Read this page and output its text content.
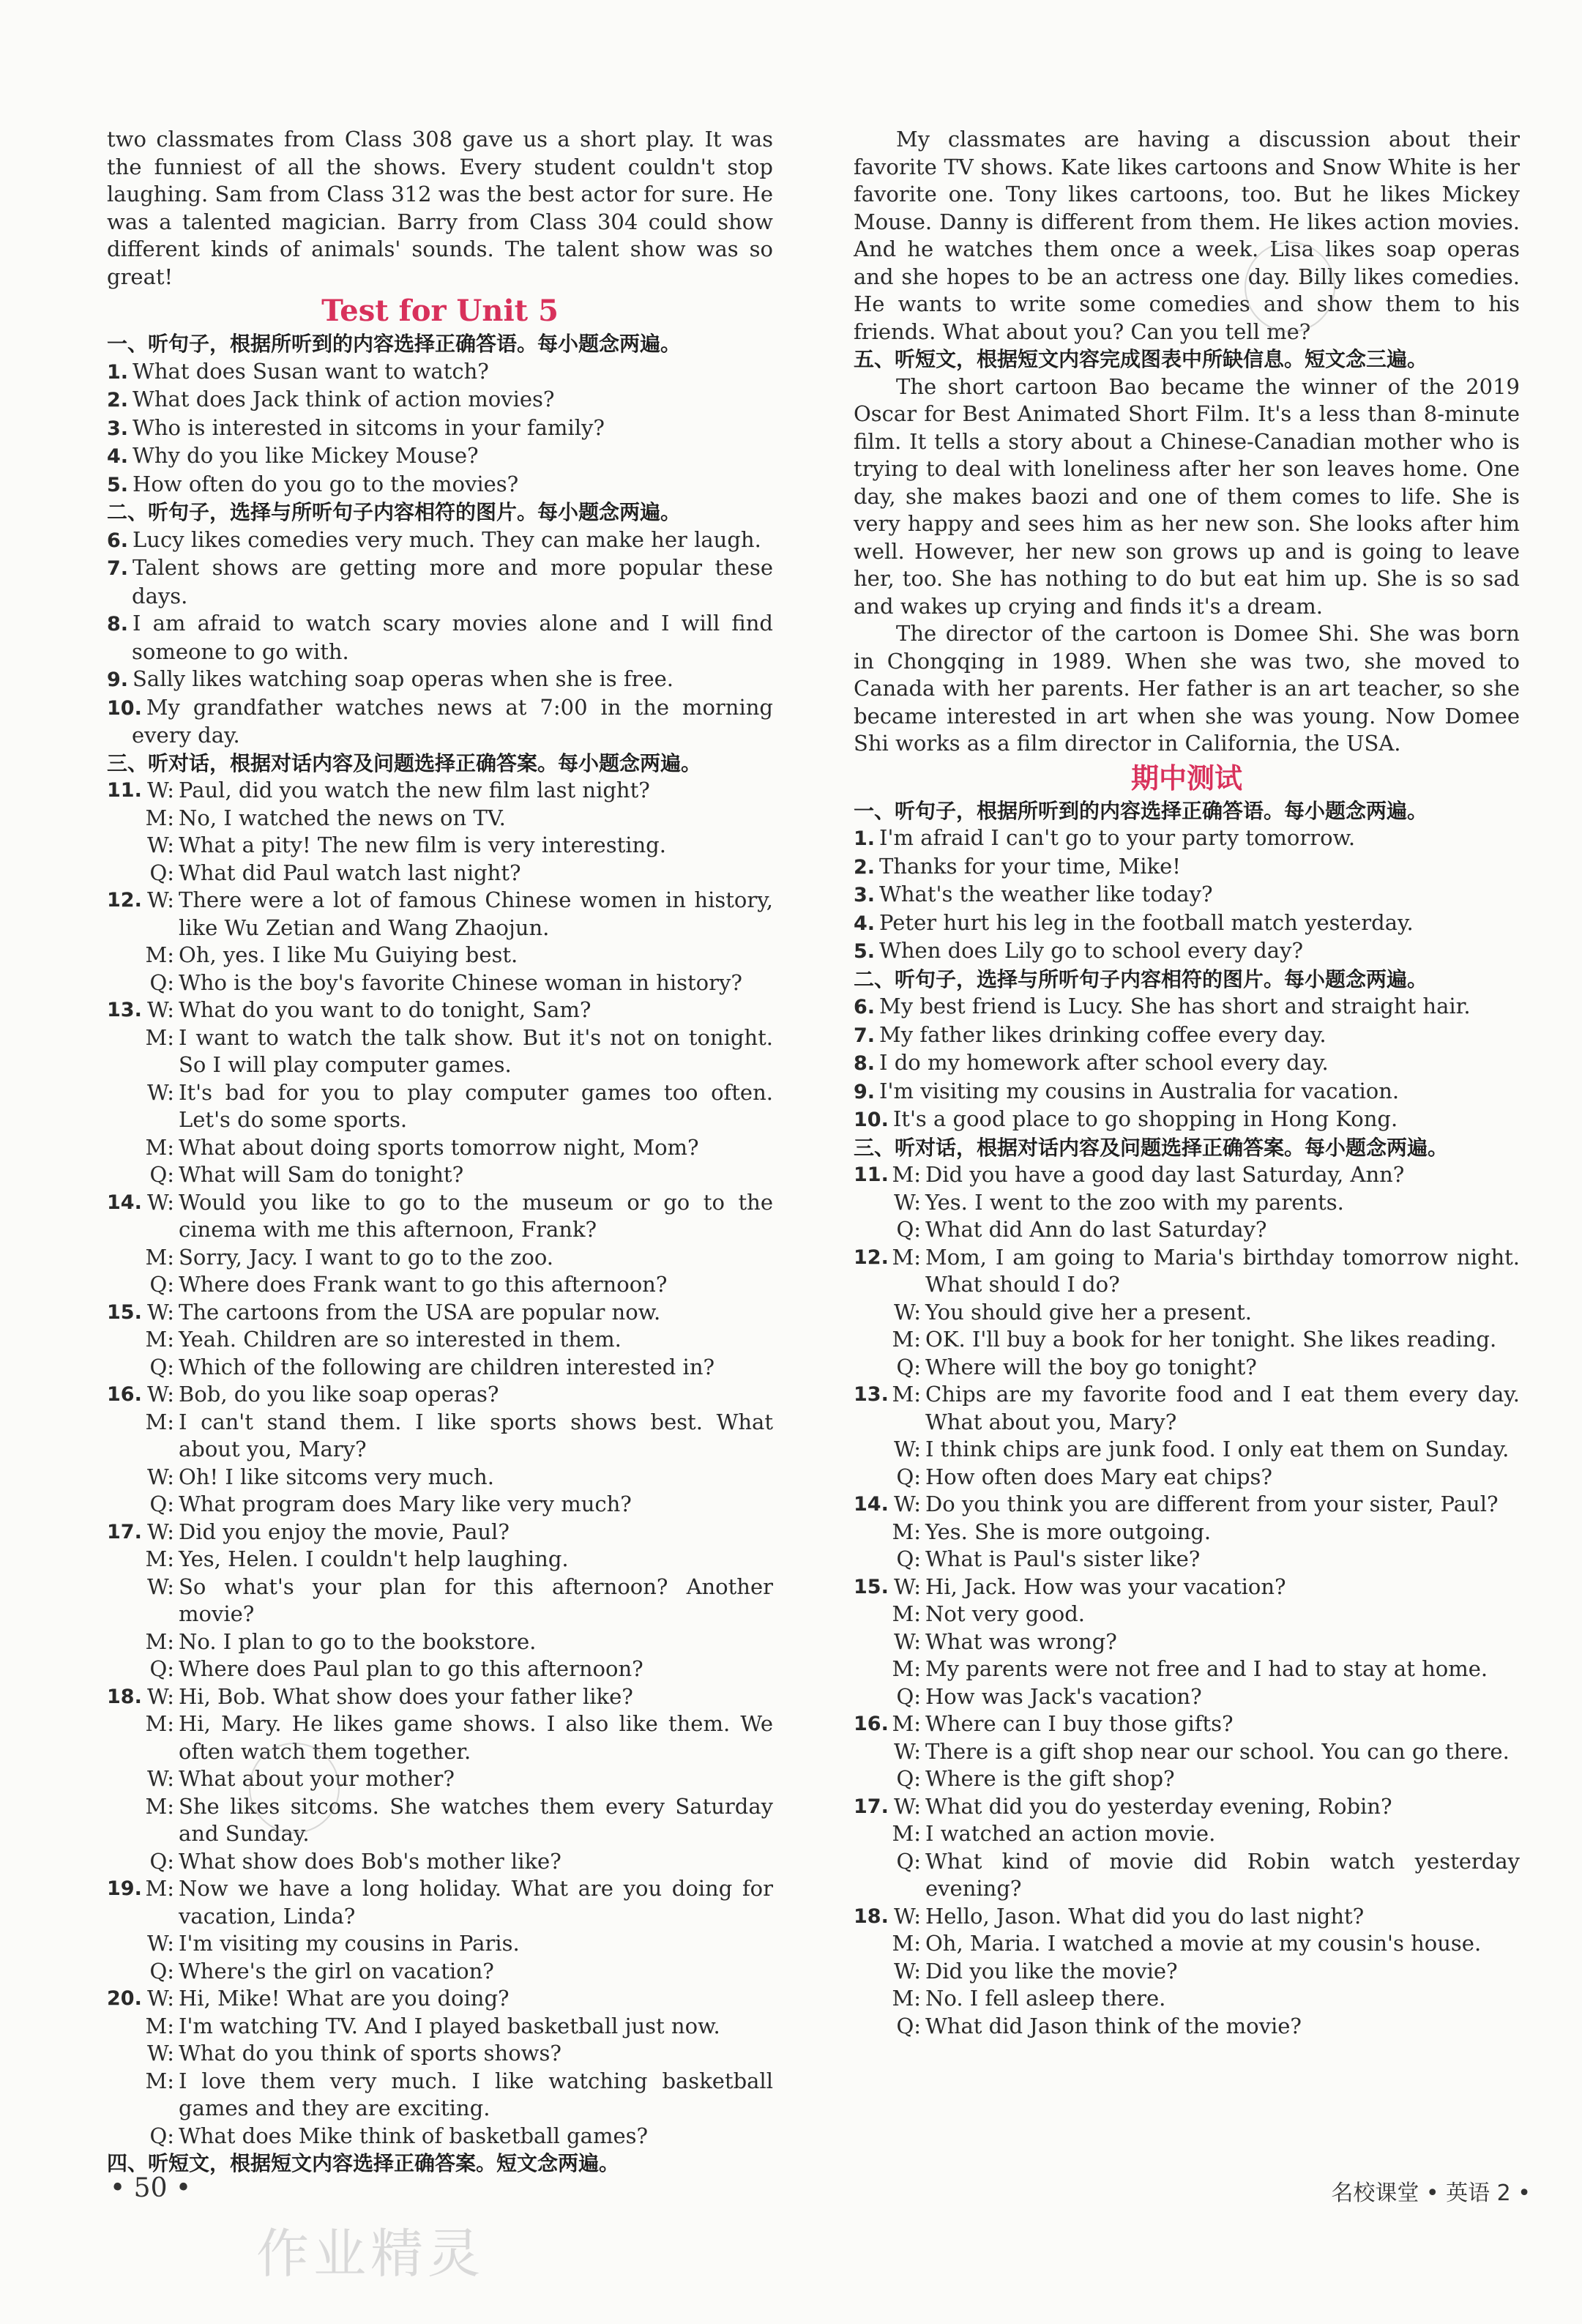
two classmates from Class 308 gave us a short play. It was the funniest of all the shows. Every student couldn't stop laughing. Sam from Class 312 was the best actor for sure. He was a talented magician. Barry from Class 304 could show different kinds of animals' sounds. The talent show was so great!

Test for Unit 5

一、听句子，根据所听到的内容选择正确答语。每小题念两遍。

1. What does Susan want to watch?

2. What does Jack think of action movies?

3. Who is interested in sitcoms in your family?

4. Why do you like Mickey Mouse?

5. How often do you go to the movies?

二、听句子，选择与所听句子内容相符的图片。每小题念两遍。

6. Lucy likes comedies very much. They can make her laugh.

7. Talent shows are getting more and more popular these days.

8. I am afraid to watch scary movies alone and I will find someone to go with.

9. Sally likes watching soap operas when she is free.

10. My grandfather watches news at 7:00 in the morning every day.

三、听对话，根据对话内容及问题选择正确答案。每小题念两遍。

11. W: Paul, did you watch the new film last night?
M: No, I watched the news on TV.
W: What a pity! The new film is very interesting.
Q: What did Paul watch last night?
12. W: There were a lot of famous Chinese women in history, like Wu Zetian and Wang Zhaojun.
M: Oh, yes. I like Mu Guiying best.
Q: Who is the boy's favorite Chinese woman in history?
13. W: What do you want to do tonight, Sam?
M: I want to watch the talk show. But it's not on tonight. So I will play computer games.
W: It's bad for you to play computer games too often. Let's do some sports.
M: What about doing sports tomorrow night, Mom?
Q: What will Sam do tonight?
14. W: Would you like to go to the museum or go to the cinema with me this afternoon, Frank?
M: Sorry, Jacy. I want to go to the zoo.
Q: Where does Frank want to go this afternoon?
15. W: The cartoons from the USA are popular now.
M: Yeah. Children are so interested in them.
Q: Which of the following are children interested in?
16. W: Bob, do you like soap operas?
M: I can't stand them. I like sports shows best. What about you, Mary?
W: Oh! I like sitcoms very much.
Q: What program does Mary like very much?
17. W: Did you enjoy the movie, Paul?
M: Yes, Helen. I couldn't help laughing.
W: So what's your plan for this afternoon? Another movie?
M: No. I plan to go to the bookstore.
Q: Where does Paul plan to go this afternoon?
18. W: Hi, Bob. What show does your father like?
M: Hi, Mary. He likes game shows. I also like them. We often watch them together.
W: What about your mother?
M: She likes sitcoms. She watches them every Saturday and Sunday.
Q: What show does Bob's mother like?
19. M: Now we have a long holiday. What are you doing for vacation, Linda?
W: I'm visiting my cousins in Paris.
Q: Where's the girl on vacation?
20. W: Hi, Mike! What are you doing?
M: I'm watching TV. And I played basketball just now.
W: What do you think of sports shows?
M: I love them very much. I like watching basketball games and they are exciting.
Q: What does Mike think of basketball games?

四、听短文，根据短文内容选择正确答案。短文念两遍。

My classmates are having a discussion about their favorite TV shows. Kate likes cartoons and Snow White is her favorite one. Tony likes cartoons, too. But he likes Mickey Mouse. Danny is different from them. He likes action movies. And he watches them once a week. Lisa likes soap operas and she hopes to be an actress one day. Billy likes comedies. He wants to write some comedies and show them to his friends. What about you? Can you tell me?

五、听短文，根据短文内容完成图表中所缺信息。短文念三遍。

The short cartoon Bao became the winner of the 2019 Oscar for Best Animated Short Film. It's a less than 8-minute film. It tells a story about a Chinese-Canadian mother who is trying to deal with loneliness after her son leaves home. One day, she makes baozi and one of them comes to life. She is very happy and sees him as her new son. She looks after him well. However, her new son grows up and is going to leave her, too. She has nothing to do but eat him up. She is so sad and wakes up crying and finds it's a dream.

The director of the cartoon is Domee Shi. She was born in Chongqing in 1989. When she was two, she moved to Canada with her parents. Her father is an art teacher, so she became interested in art when she was young. Now Domee Shi works as a film director in California, the USA.

期中测试

一、听句子，根据所听到的内容选择正确答语。每小题念两遍。

1. I'm afraid I can't go to your party tomorrow.

2. Thanks for your time, Mike!

3. What's the weather like today?

4. Peter hurt his leg in the football match yesterday.

5. When does Lily go to school every day?

二、听句子，选择与所听句子内容相符的图片。每小题念两遍。

6. My best friend is Lucy. She has short and straight hair.

7. My father likes drinking coffee every day.

8. I do my homework after school every day.

9. I'm visiting my cousins in Australia for vacation.

10. It's a good place to go shopping in Hong Kong.

三、听对话，根据对话内容及问题选择正确答案。每小题念两遍。

11. M: Did you have a good day last Saturday, Ann?
W: Yes. I went to the zoo with my parents.
Q: What did Ann do last Saturday?
12. M: Mom, I am going to Maria's birthday tomorrow night. What should I do?
W: You should give her a present.
M: OK. I'll buy a book for her tonight. She likes reading.
Q: Where will the boy go tonight?
13. M: Chips are my favorite food and I eat them every day. What about you, Mary?
W: I think chips are junk food. I only eat them on Sunday.
Q: How often does Mary eat chips?
14. W: Do you think you are different from your sister, Paul?
M: Yes. She is more outgoing.
Q: What is Paul's sister like?
15. W: Hi, Jack. How was your vacation?
M: Not very good.
W: What was wrong?
M: My parents were not free and I had to stay at home.
Q: How was Jack's vacation?
16. M: Where can I buy those gifts?
W: There is a gift shop near our school. You can go there.
Q: Where is the gift shop?
17. W: What did you do yesterday evening, Robin?
M: I watched an action movie.
Q: What kind of movie did Robin watch yesterday evening?
18. W: Hello, Jason. What did you do last night?
M: Oh, Maria. I watched a movie at my cousin's house.
W: Did you like the movie?
M: No. I fell asleep there.
Q: What did Jason think of the movie?
• 50 •	名校课堂 • 英语 2 •
作业精灵
